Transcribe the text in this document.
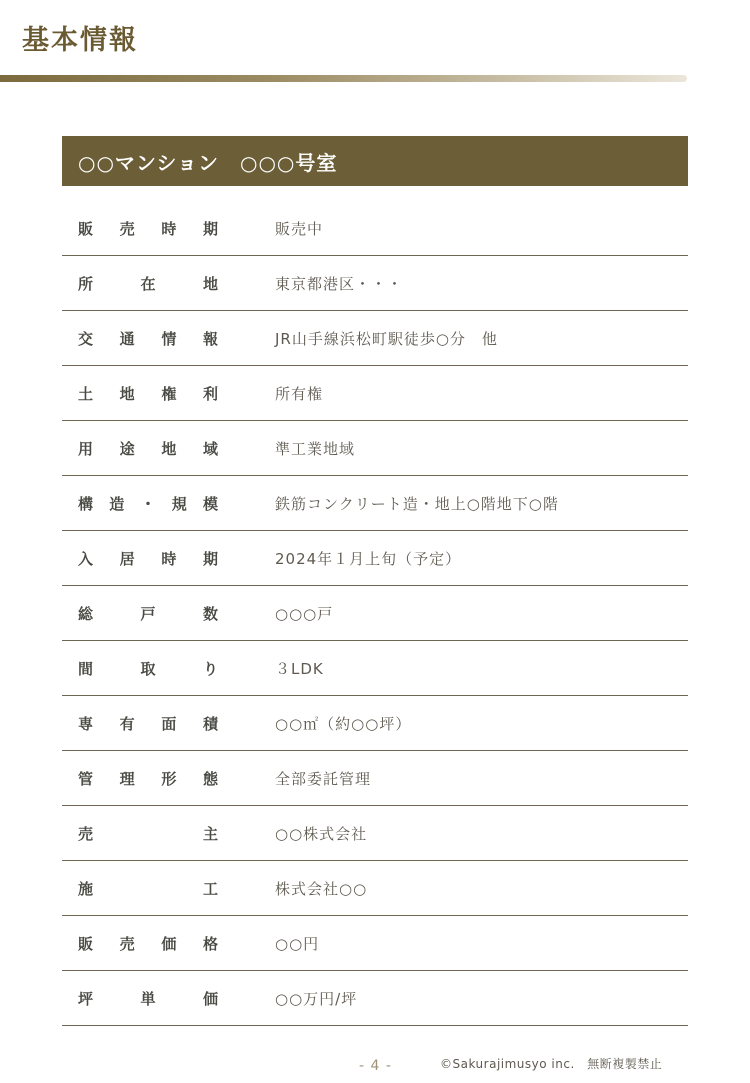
基本情報
○○マンション　○○○号室
販 売 時 期	販売中
所	在	地	東京都港区・・・
交 通 情 報	JR山手線浜松町駅徒歩○分　他
土 地 権 利	所有権
用 途 地 域	準工業地域
構 造 ・ 規 模	鉄筋コンクリート造・地上○階地下○階
入 居 時 期	2024年１月上旬（予定）
総	戸	数	○○○戸
間	取	り	３LDK
専 有 面 積	○○㎡（約○○坪）
管 理 形 態	全部委託管理
売	主	○○株式会社
施	工	株式会社○○
販 売 価 格	○○円
坪	単	価	○○万円/坪
- 4 -	©Sakurajimusyo inc.　無断複製禁止
